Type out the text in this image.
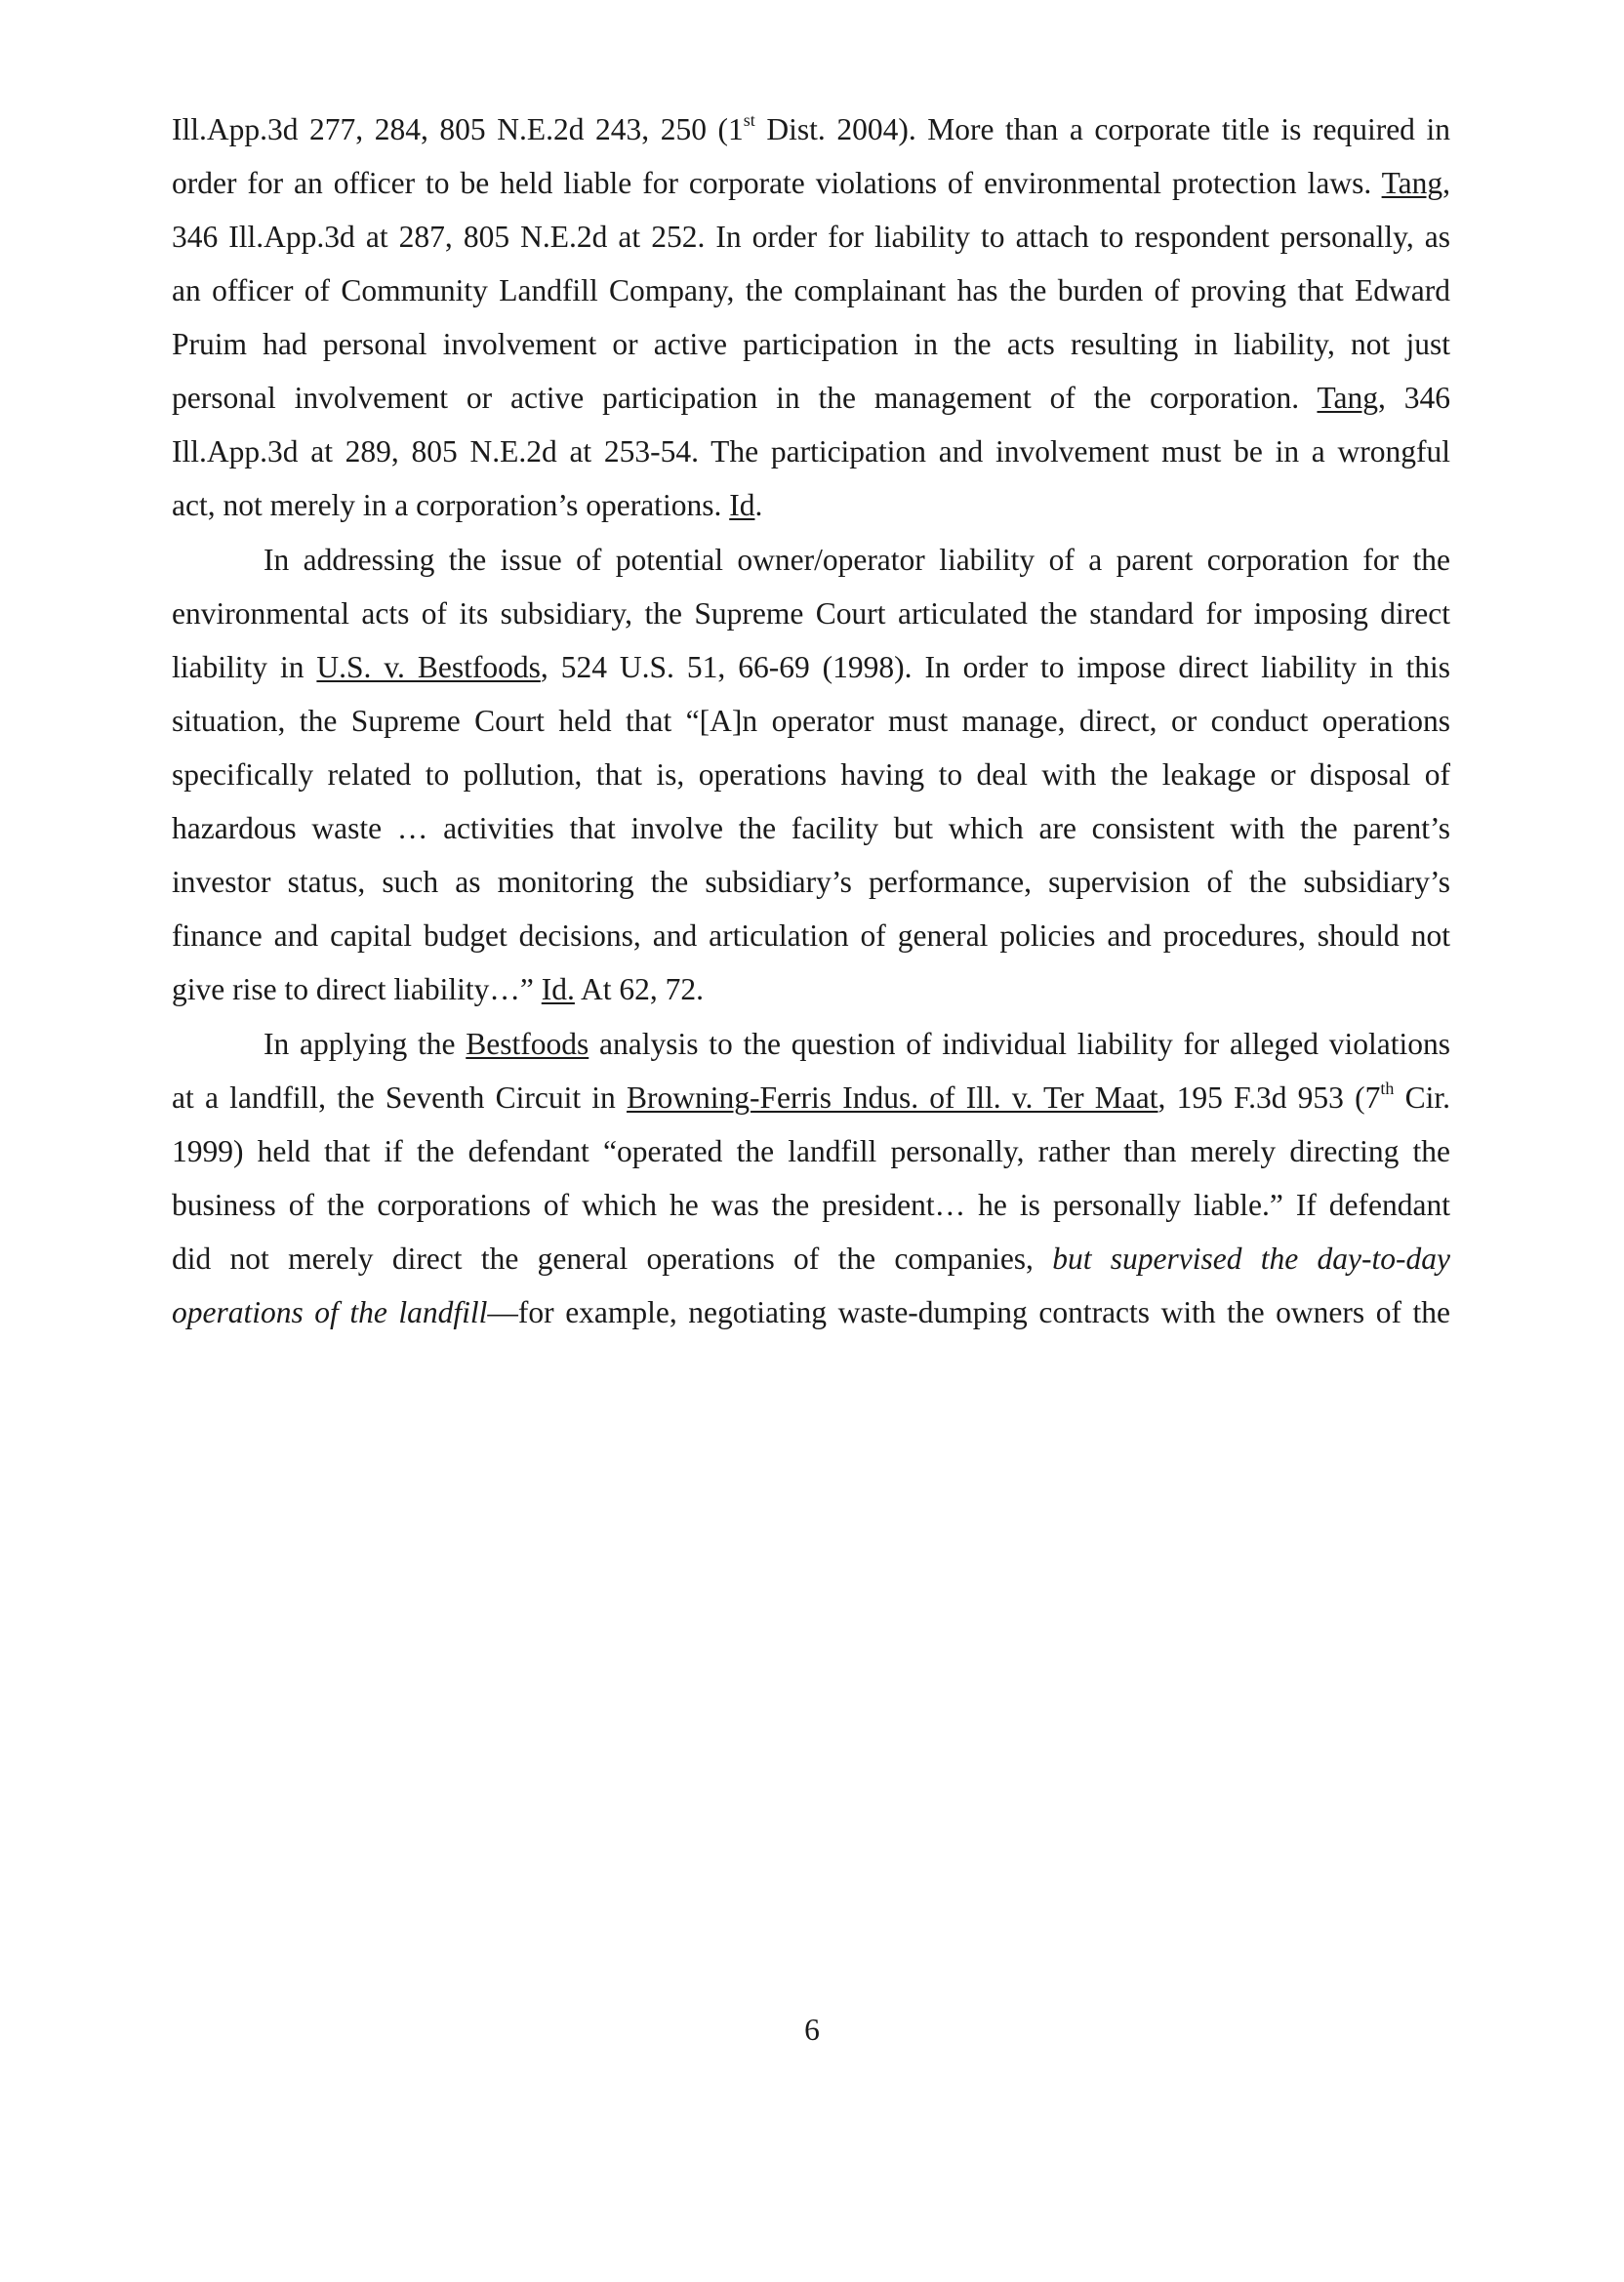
Ill.App.3d 277, 284, 805 N.E.2d 243, 250 (1st Dist. 2004). More than a corporate title is required in
order for an officer to be held liable for corporate violations of environmental protection laws. Tang,
346 Ill.App.3d at 287, 805 N.E.2d at 252. In order for liability to attach to respondent personally, as
an officer of Community Landfill Company, the complainant has the burden of proving that Edward
Pruim had personal involvement or active participation in the acts resulting in liability, not just
personal involvement or active participation in the management of the corporation. Tang, 346
Ill.App.3d at 289, 805 N.E.2d at 253-54. The participation and involvement must be in a wrongful
act, not merely in a corporation’s operations. Id.
In addressing the issue of potential owner/operator liability of a parent corporation for the
environmental acts of its subsidiary, the Supreme Court articulated the standard for imposing direct
liability in U.S. v. Bestfoods, 524 U.S. 51, 66-69 (1998). In order to impose direct liability in this
situation, the Supreme Court held that “[A]n operator must manage, direct, or conduct operations
specifically related to pollution, that is, operations having to deal with the leakage or disposal of
hazardous waste … activities that involve the facility but which are consistent with the parent’s
investor status, such as monitoring the subsidiary’s performance, supervision of the subsidiary’s
finance and capital budget decisions, and articulation of general policies and procedures, should not
give rise to direct liability…” Id. At 62, 72.
In applying the Bestfoods analysis to the question of individual liability for alleged violations
at a landfill, the Seventh Circuit in Browning-Ferris Indus. of Ill. v. Ter Maat, 195 F.3d 953 (7th Cir.
1999) held that if the defendant “operated the landfill personally, rather than merely directing the
business of the corporations of which he was the president… he is personally liable.” If defendant
did not merely direct the general operations of the companies, but supervised the day-to-day
operations of the landfill—for example, negotiating waste-dumping contracts with the owners of the
6
